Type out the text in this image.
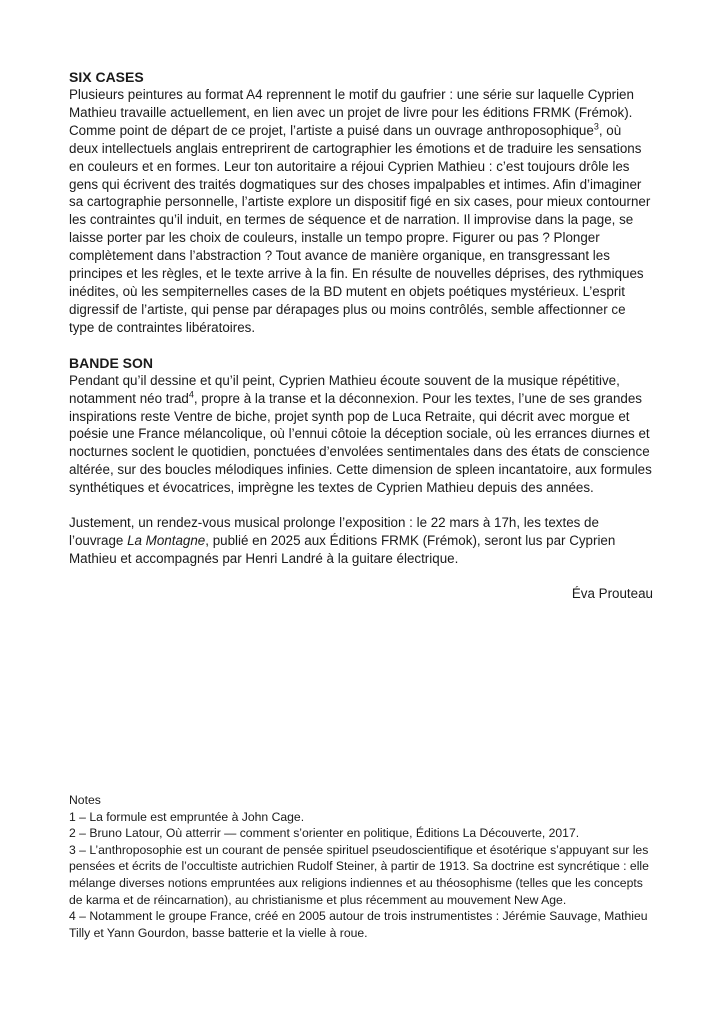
SIX CASES

Plusieurs peintures au format A4 reprennent le motif du gaufrier : une série sur laquelle Cyprien Mathieu travaille actuellement, en lien avec un projet de livre pour les éditions FRMK (Frémok). Comme point de départ de ce projet, l’artiste a puisé dans un ouvrage anthroposophique$^3$, où deux intellectuels anglais entreprirent de cartographier les émotions et de traduire les sensations en couleurs et en formes. Leur ton autoritaire a réjoui Cyprien Mathieu : c’est toujours drôle les gens qui écrivent des traités dogmatiques sur des choses impalpables et intimes. Afin d’imaginer sa cartographie personnelle, l’artiste explore un dispositif figé en six cases, pour mieux contourner les contraintes qu’il induit, en termes de séquence et de narration. Il improvise dans la page, se laisse porter par les choix de couleurs, installe un tempo propre. Figurer ou pas ? Plonger complètement dans l’abstraction ? Tout avance de manière organique, en transgressant les principes et les règles, et le texte arrive à la fin. En résulte de nouvelles déprises, des rythmiques inédites, où les sempiternelles cases de la BD mutent en objets poétiques mystérieux. L’esprit digressif de l’artiste, qui pense par dérapages plus ou moins contrôlés, semble affectionner ce type de contraintes libératoires.

BANDE SON

Pendant qu’il dessine et qu’il peint, Cyprien Mathieu écoute souvent de la musique répétitive, notamment néo trad$^4$, propre à la transe et la déconnexion. Pour les textes, l’une de ses grandes inspirations reste Ventre de biche, projet synth pop de Luca Retraite, qui décrit avec morgue et poésie une France mélancolique, où l’ennui côtoie la déception sociale, où les errances diurnes et nocturnes soclent le quotidien, ponctuées d’envolées sentimentales dans des états de conscience altérée, sur des boucles mélodiques infinies. Cette dimension de spleen incantatoire, aux formules synthétiques et évocatrices, imprègne les textes de Cyprien Mathieu depuis des années.

Justement, un rendez-vous musical prolonge l’exposition : le 22 mars à 17h, les textes de l’ouvrage La Montagne, publié en 2025 aux Éditions FRMK (Frémok), seront lus par Cyprien Mathieu et accompagnés par Henri Landré à la guitare électrique.

Éva Prouteau

Notes

1 – La formule est empruntée à John Cage.

2 – Bruno Latour, Où atterrir — comment s’orienter en politique, Éditions La Découverte, 2017.

3 – L’anthroposophie est un courant de pensée spirituel pseudoscientifique et ésotérique s’appuyant sur les pensées et écrits de l’occultiste autrichien Rudolf Steiner, à partir de 1913. Sa doctrine est syncrétique : elle mélange diverses notions empruntées aux religions indiennes et au théosophisme (telles que les concepts de karma et de réincarnation), au christianisme et plus récemment au mouvement New Age.

4 – Notamment le groupe France, créé en 2005 autour de trois instrumentistes : Jérémie Sauvage, Mathieu Tilly et Yann Gourdon, basse batterie et la vielle à roue.
